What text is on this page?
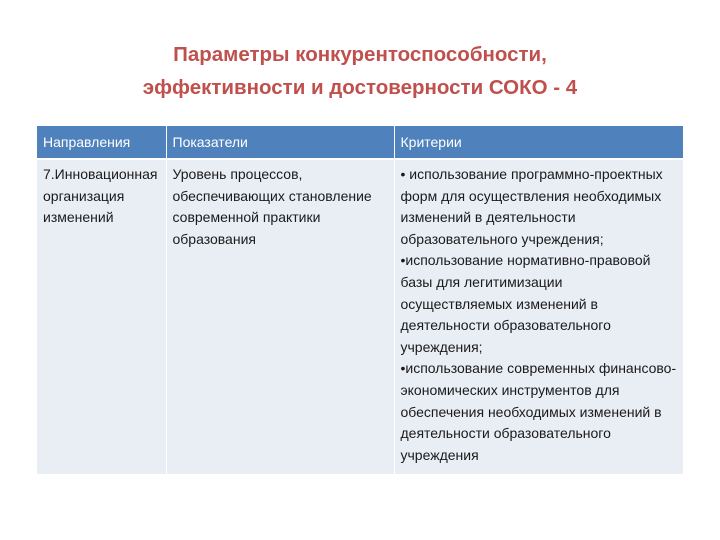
Параметры конкурентоспособности,
эффективности и достоверности СОКО - 4
Направления	Показатели	Критерии
7.Инновационная организация изменений	Уровень процессов, обеспечивающих становление современной практики образования	• использование программно-проектных форм для осуществления необходимых изменений в деятельности образовательного учреждения;
•использование нормативно-правовой базы для легитимизации осуществляемых изменений в деятельности образовательного учреждения;
•использование современных финансово-экономических инструментов для обеспечения необходимых изменений в деятельности образовательного учреждения
